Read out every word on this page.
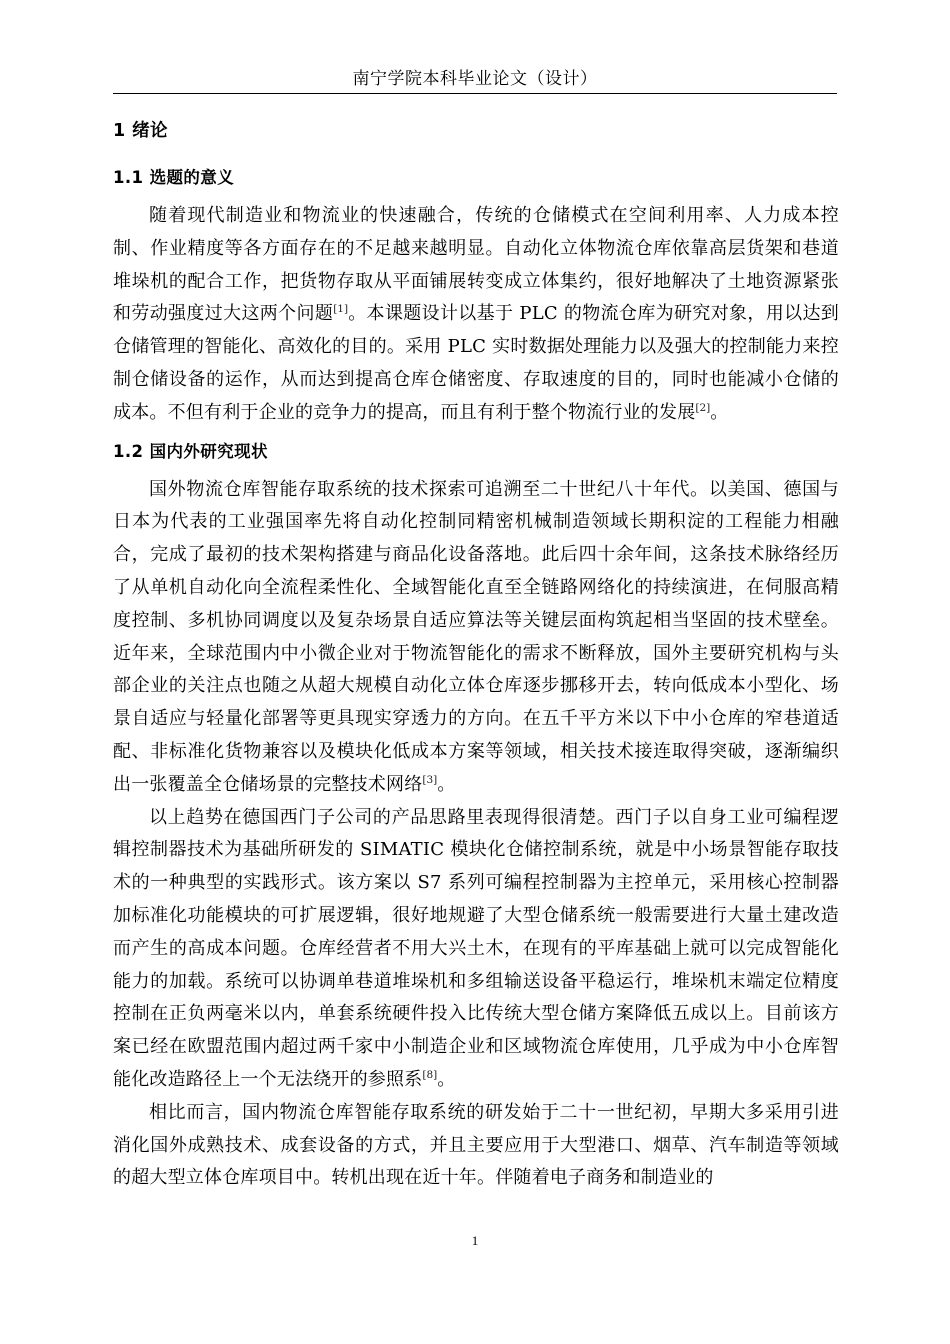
南宁学院本科毕业论文（设计）
1 绪论
1.1 选题的意义

随着现代制造业和物流业的快速融合，传统的仓储模式在空间利用率、人力成本控制、作业精度等各方面存在的不足越来越明显。自动化立体物流仓库依靠高层货架和巷道堆垛机的配合工作，把货物存取从平面铺展转变成立体集约，很好地解决了土地资源紧张和劳动强度过大这两个问题[1]。本课题设计以基于 PLC 的物流仓库为研究对象，用以达到仓储管理的智能化、高效化的目的。采用 PLC 实时数据处理能力以及强大的控制能力来控制仓储设备的运作，从而达到提高仓库仓储密度、存取速度的目的，同时也能减小仓储的成本。不但有利于企业的竞争力的提高，而且有利于整个物流行业的发展[2]。

1.2 国内外研究现状

国外物流仓库智能存取系统的技术探索可追溯至二十世纪八十年代。以美国、德国与日本为代表的工业强国率先将自动化控制同精密机械制造领域长期积淀的工程能力相融合，完成了最初的技术架构搭建与商品化设备落地。此后四十余年间，这条技术脉络经历了从单机自动化向全流程柔性化、全域智能化直至全链路网络化的持续演进，在伺服高精度控制、多机协同调度以及复杂场景自适应算法等关键层面构筑起相当坚固的技术壁垒。近年来，全球范围内中小微企业对于物流智能化的需求不断释放，国外主要研究机构与头部企业的关注点也随之从超大规模自动化立体仓库逐步挪移开去，转向低成本小型化、场景自适应与轻量化部署等更具现实穿透力的方向。在五千平方米以下中小仓库的窄巷道适配、非标准化货物兼容以及模块化低成本方案等领域，相关技术接连取得突破，逐渐编织出一张覆盖全仓储场景的完整技术网络[3]。

以上趋势在德国西门子公司的产品思路里表现得很清楚。西门子以自身工业可编程逻辑控制器技术为基础所研发的 SIMATIC 模块化仓储控制系统，就是中小场景智能存取技术的一种典型的实践形式。该方案以 S7 系列可编程控制器为主控单元，采用核心控制器加标准化功能模块的可扩展逻辑，很好地规避了大型仓储系统一般需要进行大量土建改造而产生的高成本问题。仓库经营者不用大兴土木，在现有的平库基础上就可以完成智能化能力的加载。系统可以协调单巷道堆垛机和多组输送设备平稳运行，堆垛机末端定位精度控制在正负两毫米以内，单套系统硬件投入比传统大型仓储方案降低五成以上。目前该方案已经在欧盟范围内超过两千家中小制造企业和区域物流仓库使用，几乎成为中小仓库智能化改造路径上一个无法绕开的参照系[8]。

相比而言，国内物流仓库智能存取系统的研发始于二十一世纪初，早期大多采用引进消化国外成熟技术、成套设备的方式，并且主要应用于大型港口、烟草、汽车制造等领域的超大型立体仓库项目中。转机出现在近十年。伴随着电子商务和制造业的

1
